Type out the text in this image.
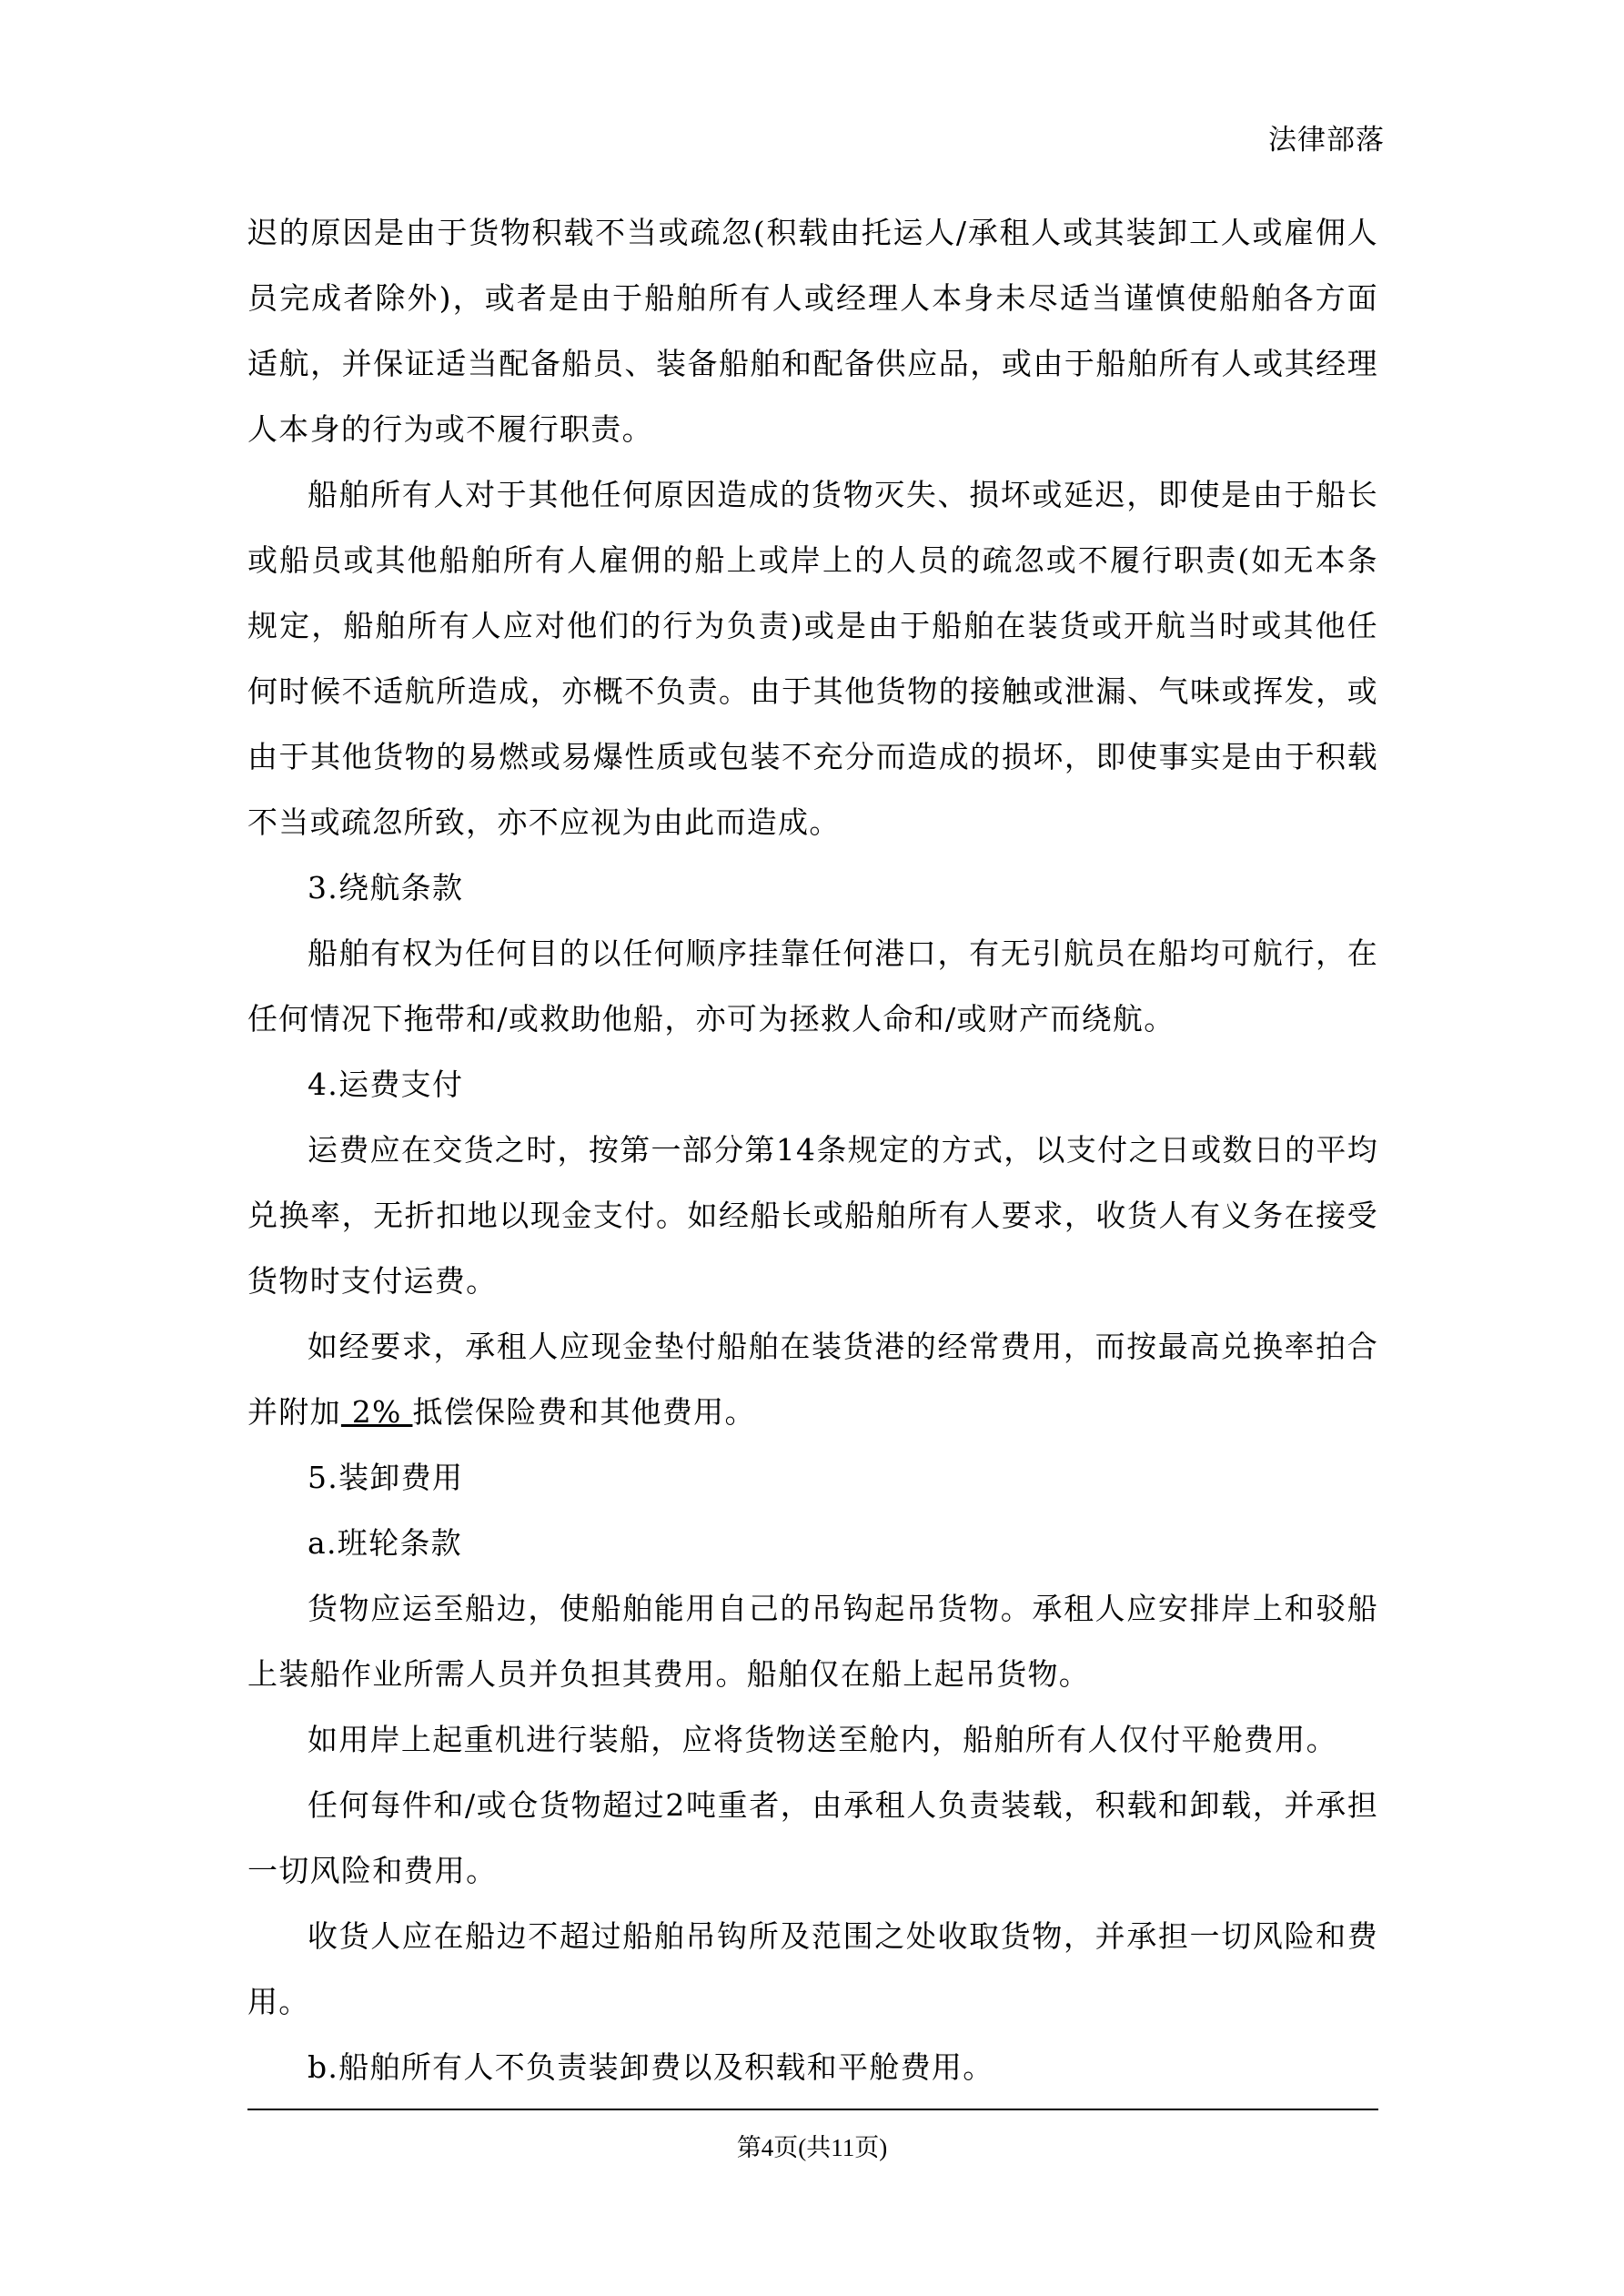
法律部落

迟的原因是由于货物积载不当或疏忽(积载由托运人/承租人或其装卸工人或雇佣人员完成者除外)，或者是由于船舶所有人或经理人本身未尽适当谨慎使船舶各方面适航，并保证适当配备船员、装备船舶和配备供应品，或由于船舶所有人或其经理人本身的行为或不履行职责。

船舶所有人对于其他任何原因造成的货物灭失、损坏或延迟，即使是由于船长或船员或其他船舶所有人雇佣的船上或岸上的人员的疏忽或不履行职责(如无本条规定，船舶所有人应对他们的行为负责)或是由于船舶在装货或开航当时或其他任何时候不适航所造成，亦概不负责。由于其他货物的接触或泄漏、气味或挥发，或由于其他货物的易燃或易爆性质或包装不充分而造成的损坏，即使事实是由于积载不当或疏忽所致，亦不应视为由此而造成。

3.绕航条款

船舶有权为任何目的以任何顺序挂靠任何港口，有无引航员在船均可航行，在任何情况下拖带和/或救助他船，亦可为拯救人命和/或财产而绕航。

4.运费支付

运费应在交货之时，按第一部分第14条规定的方式，以支付之日或数日的平均兑换率，无折扣地以现金支付。如经船长或船舶所有人要求，收货人有义务在接受货物时支付运费。

如经要求，承租人应现金垫付船舶在装货港的经常费用，而按最高兑换率拍合并附加 2% 抵偿保险费和其他费用。

5.装卸费用

a.班轮条款

货物应运至船边，使船舶能用自己的吊钩起吊货物。承租人应安排岸上和驳船上装船作业所需人员并负担其费用。船舶仅在船上起吊货物。

如用岸上起重机进行装船，应将货物送至舱内，船舶所有人仅付平舱费用。

任何每件和/或仓货物超过2吨重者，由承租人负责装载，积载和卸载，并承担一切风险和费用。

收货人应在船边不超过船舶吊钩所及范围之处收取货物，并承担一切风险和费用。

b.船舶所有人不负责装卸费以及积载和平舱费用。

第4页(共11页)
